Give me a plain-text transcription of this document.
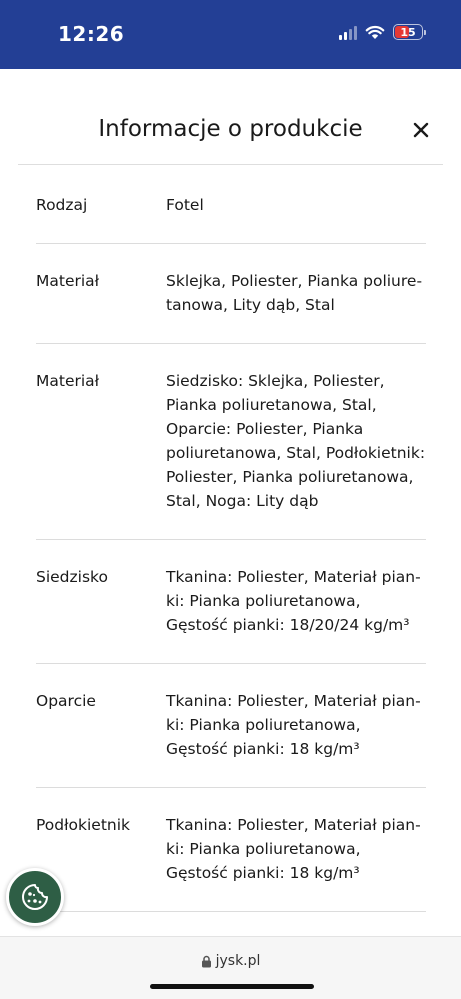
12:26	15
Informacje o produkcie
Rodzaj	Fotel
Materiał	Sklejka, Poliester, Pianka poliuretanowa, Lity dąb, Stal
Materiał	Siedzisko: Sklejka, Poliester, Pianka poliuretanowa, Stal, Oparcie: Poliester, Pianka poliuretanowa, Stal, Podłokietnik: Poliester, Pianka poliuretanowa, Stal, Noga: Lity dąb
Siedzisko	Tkanina: Poliester, Materiał pianki: Pianka poliuretanowa, Gęstość pianki: 18/20/24 kg/m³
Oparcie	Tkanina: Poliester, Materiał pianki: Pianka poliuretanowa, Gęstość pianki: 18 kg/m³
Podłokietnik	Tkanina: Poliester, Materiał pianki: Pianka poliuretanowa, Gęstość pianki: 18 kg/m³
jysk.pl
